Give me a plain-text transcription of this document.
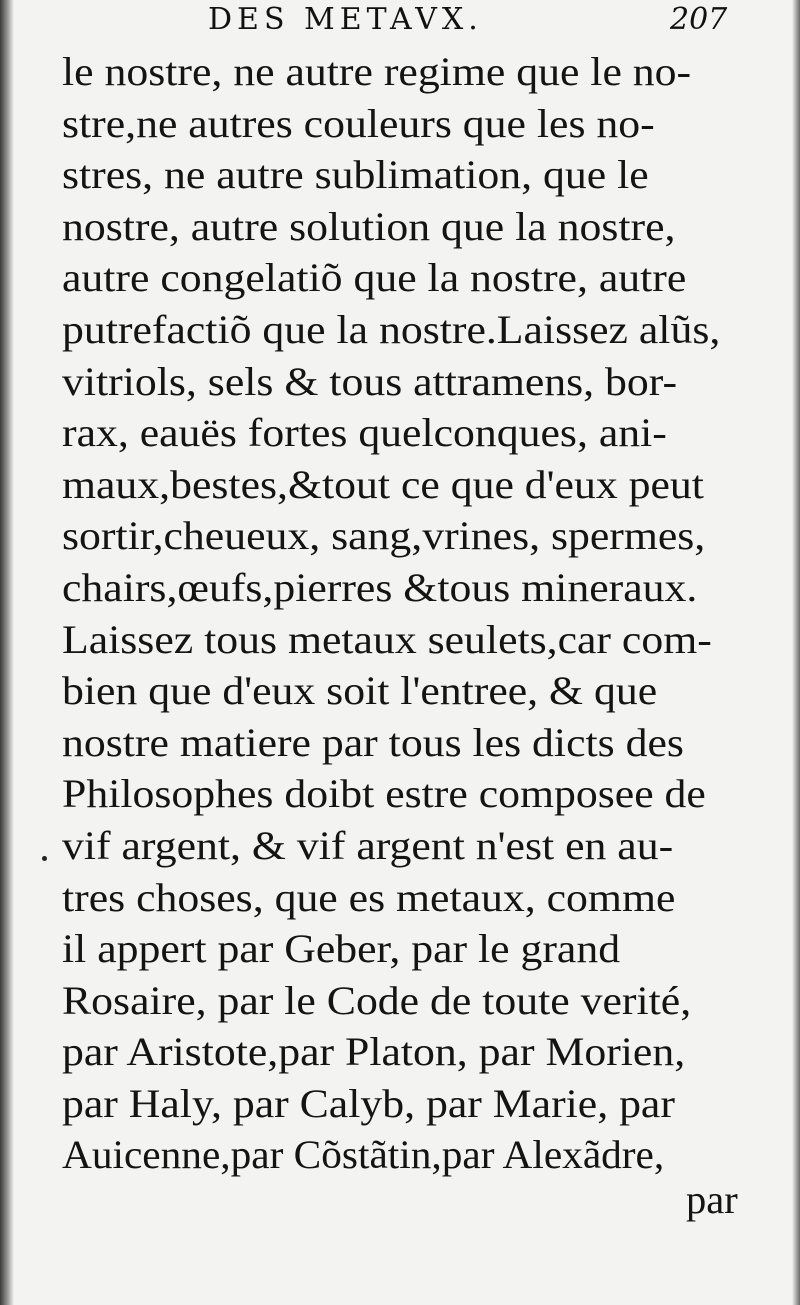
DES METAVX.	207
le nostre, ne autre regime que le no-
stre,ne autres couleurs que les no-
stres, ne autre sublimation, que le
nostre, autre solution que la nostre,
autre congelatiõ que la nostre, autre
putrefactiõ que la nostre.Laissez alũs,
vitriols, sels & tous attramens, bor-
rax, eauës fortes quelconques, ani-
maux,bestes,&tout ce que d'eux peut
sortir,cheueux, sang,vrines, spermes,
chairs,œufs,pierres &tous mineraux.
Laissez tous metaux seulets,car com-
bien que d'eux soit l'entree, & que
nostre matiere par tous les dicts des
Philosophes doibt estre composee de
vif argent, & vif argent n'est en au-
tres choses, que es metaux, comme
il appert par Geber, par le grand
Rosaire, par le Code de toute verité,
par Aristote,par Platon, par Morien,
par Haly, par Calyb, par Marie, par
Auicenne,par Cõstãtin,par Alexãdre,
par
